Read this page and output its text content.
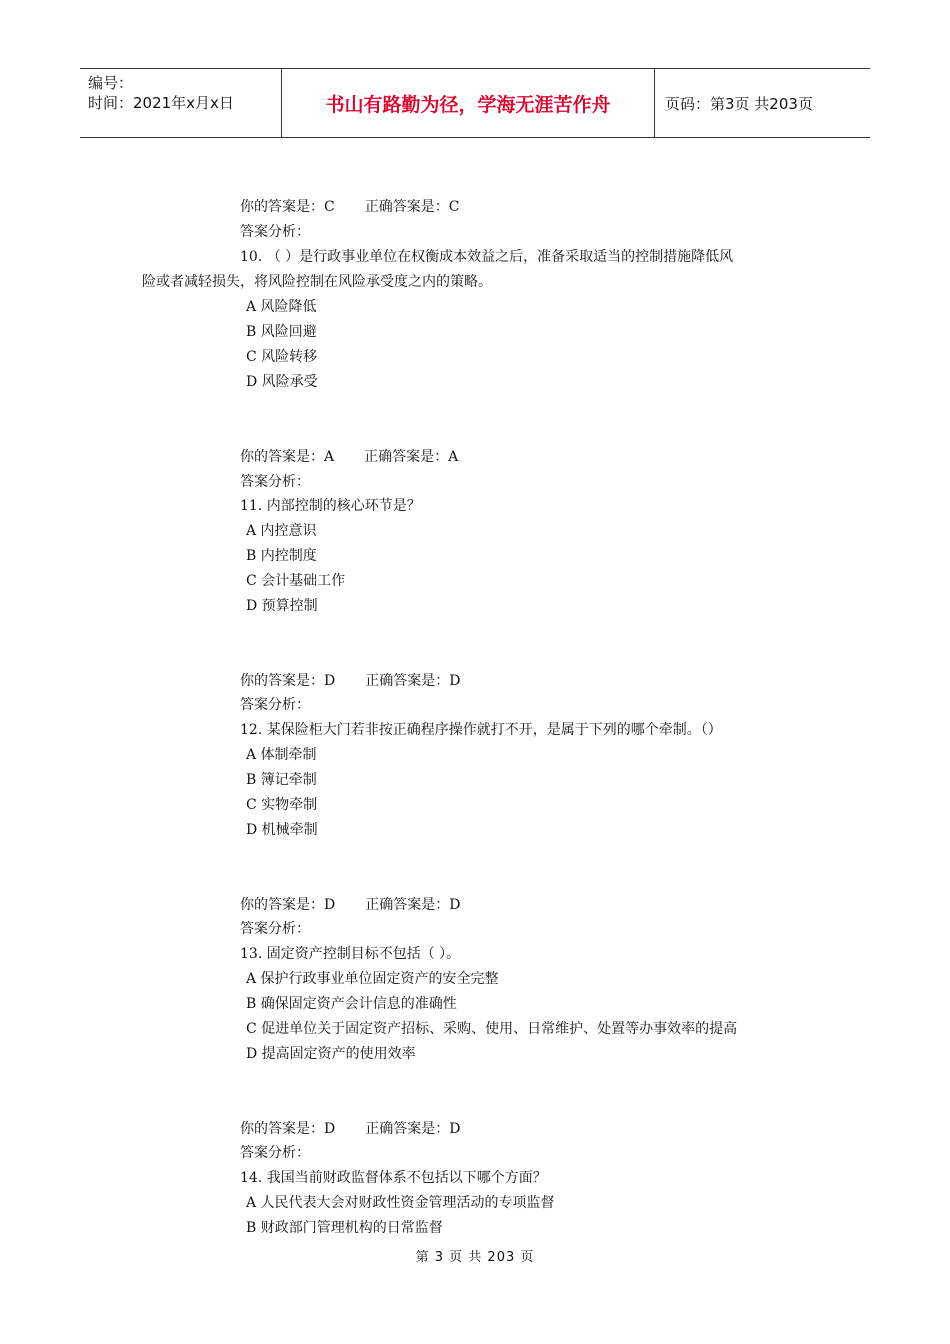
编号：
时间：2021年x月x日	书山有路勤为径，学海无涯苦作舟	页码：第3页 共203页
你的答案是：C 正确答案是：C
答案分析：
10. （ ）是行政事业单位在权衡成本效益之后，准备采取适当的控制措施降低风
险或者减轻损失，将风险控制在风险承受度之内的策略。
A 风险降低
B 风险回避
C 风险转移
D 风险承受
你的答案是：A 正确答案是：A
答案分析：
11. 内部控制的核心环节是？
A 内控意识
B 内控制度
C 会计基础工作
D 预算控制
你的答案是：D 正确答案是：D
答案分析：
12. 某保险柜大门若非按正确程序操作就打不开，是属于下列的哪个牵制。（）
A 体制牵制
B 簿记牵制
C 实物牵制
D 机械牵制
你的答案是：D 正确答案是：D
答案分析：
13. 固定资产控制目标不包括（ ）。
A 保护行政事业单位固定资产的安全完整
B 确保固定资产会计信息的准确性
C 促进单位关于固定资产招标、采购、使用、日常维护、处置等办事效率的提高
D 提高固定资产的使用效率
你的答案是：D 正确答案是：D
答案分析：
14. 我国当前财政监督体系不包括以下哪个方面？
A 人民代表大会对财政性资金管理活动的专项监督
B 财政部门管理机构的日常监督
第 3 页 共 203 页
